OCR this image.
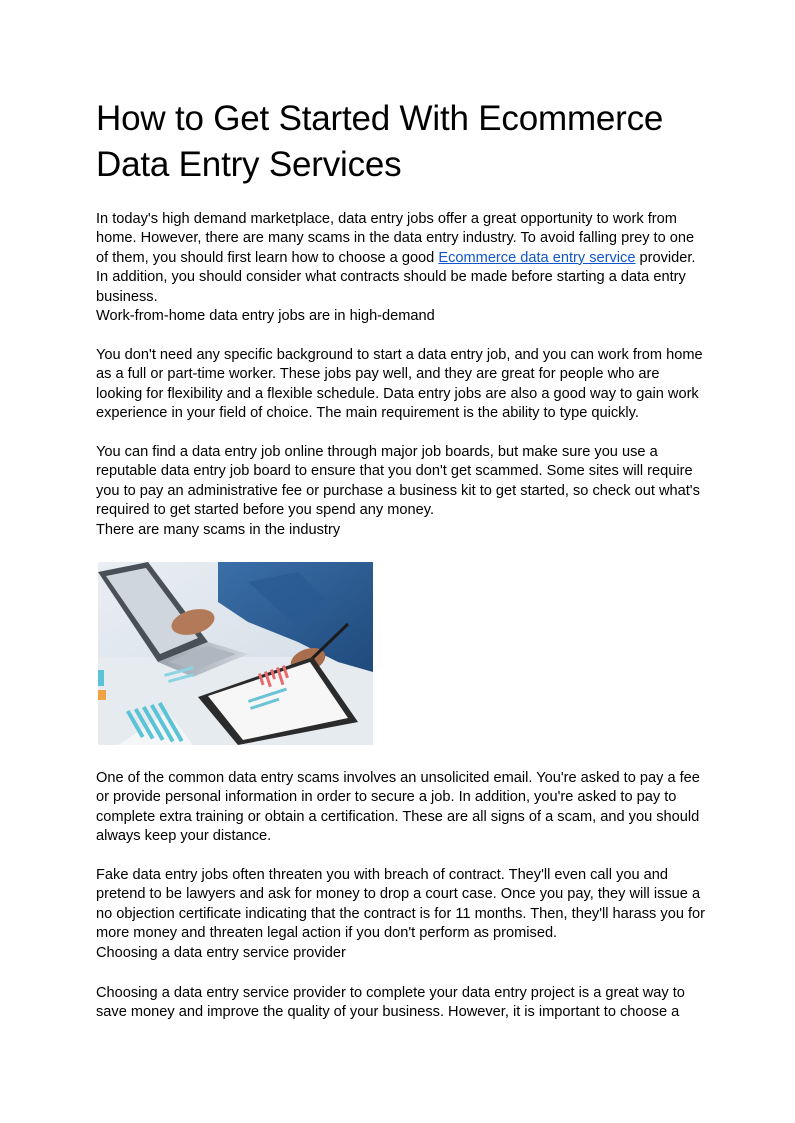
How to Get Started With Ecommerce Data Entry Services

In today's high demand marketplace, data entry jobs offer a great opportunity to work from home. However, there are many scams in the data entry industry. To avoid falling prey to one of them, you should first learn how to choose a good Ecommerce data entry service provider. In addition, you should consider what contracts should be made before starting a data entry business.
Work-from-home data entry jobs are in high-demand

You don't need any specific background to start a data entry job, and you can work from home as a full or part-time worker. These jobs pay well, and they are great for people who are looking for flexibility and a flexible schedule. Data entry jobs are also a good way to gain work experience in your field of choice. The main requirement is the ability to type quickly.

You can find a data entry job online through major job boards, but make sure you use a reputable data entry job board to ensure that you don't get scammed. Some sites will require you to pay an administrative fee or purchase a business kit to get started, so check out what's required to get started before you spend any money.
There are many scams in the industry

One of the common data entry scams involves an unsolicited email. You're asked to pay a fee or provide personal information in order to secure a job. In addition, you're asked to pay to complete extra training or obtain a certification. These are all signs of a scam, and you should always keep your distance.

Fake data entry jobs often threaten you with breach of contract. They'll even call you and pretend to be lawyers and ask for money to drop a court case. Once you pay, they will issue a no objection certificate indicating that the contract is for 11 months. Then, they'll harass you for more money and threaten legal action if you don't perform as promised.
Choosing a data entry service provider

Choosing a data entry service provider to complete your data entry project is a great way to save money and improve the quality of your business. However, it is important to choose a
